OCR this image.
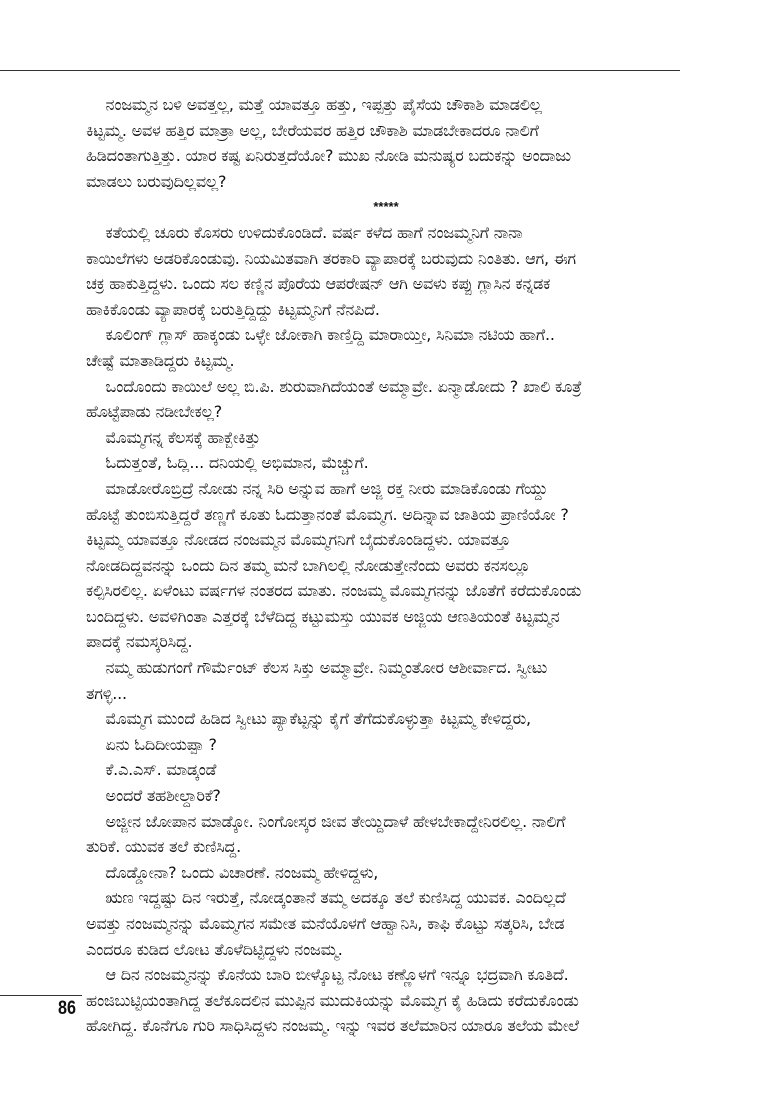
ನಂಜಮ್ಮನ ಬಳಿ ಅವತ್ತಲ್ಲ, ಮತ್ತೆ ಯಾವತ್ತೂ ಹತ್ತು, ಇಪ್ಪತ್ತು ಪೈಸೆಯ ಚೌಕಾಶಿ ಮಾಡಲಿಲ್ಲ
ಕಿಟ್ಟಮ್ಮ. ಅವಳ ಹತ್ತಿರ ಮಾತ್ರಾ ಅಲ್ಲ, ಬೇರೆಯವರ ಹತ್ತಿರ ಚೌಕಾಶಿ ಮಾಡಬೇಕಾದರೂ ನಾಲಿಗೆ
ಹಿಡಿದಂತಾಗುತ್ತಿತ್ತು. ಯಾರ ಕಷ್ಟ ಏನಿರುತ್ತದೆಯೋ? ಮುಖ ನೋಡಿ ಮನುಷ್ಯರ ಬದುಕನ್ನು ಅಂದಾಜು
ಮಾಡಲು ಬರುವುದಿಲ್ಲವಲ್ಲ?
*****
ಕತೆಯಲ್ಲಿ ಚೂರು ಕೊಸರು ಉಳಿದುಕೊಂಡಿದೆ. ವರ್ಷ ಕಳೆದ ಹಾಗೆ ನಂಜಮ್ಮನಿಗೆ ನಾನಾ
ಕಾಯಿಲೆಗಳು ಅಡರಿಕೊಂಡುವು. ನಿಯಮಿತವಾಗಿ ತರಕಾರಿ ವ್ಯಾಪಾರಕ್ಕೆ ಬರುವುದು ನಿಂತಿತು. ಆಗ, ಈಗ
ಚಕ್ರ ಹಾಕುತ್ತಿದ್ದಳು. ಒಂದು ಸಲ ಕಣ್ಣಿನ ಪೊರೆಯ ಆಪರೇಷನ್ ಆಗಿ ಅವಳು ಕಪ್ಪು ಗ್ಲಾಸಿನ ಕನ್ನಡಕ
ಹಾಕಿಕೊಂಡು ವ್ಯಾಪಾರಕ್ಕೆ ಬರುತ್ತಿದ್ದಿದ್ದು ಕಿಟ್ಟಮ್ಮನಿಗೆ ನೆನಪಿದೆ.
ಕೂಲಿಂಗ್ ಗ್ಲಾಸ್ ಹಾಕ್ಕಂಡು ಒಳ್ಳೇ ಜೋಕಾಗಿ ಕಾಣ್ತಿದ್ದಿ ಮಾರಾಯ್ತೀ, ಸಿನಿಮಾ ನಟಿಯ ಹಾಗೆ..
ಚೇಷ್ಟೆ ಮಾತಾಡಿದ್ದರು ಕಿಟ್ಟಮ್ಮ.
ಒಂದೊಂದು ಕಾಯಿಲೆ ಅಲ್ಲ ಬಿ.ಪಿ. ಶುರುವಾಗಿದೆಯಂತೆ ಅಮ್ಮಾವ್ರೇ. ಏನ್ಮಾಡೋದು ? ಖಾಲಿ ಕೂತ್ರೆ
ಹೊಟ್ಟೆಪಾಡು ನಡೀಬೇಕಲ್ಲ?
ಮೊಮ್ಮಗನ್ನ ಕೆಲಸಕ್ಕೆ ಹಾಕ್ಬೇಕಿತ್ತು
ಓದುತ್ತಂತೆ, ಓದ್ಲಿ... ದನಿಯಲ್ಲಿ ಅಭಿಮಾನ, ಮೆಚ್ಚುಗೆ.
ಮಾಡೋರೊಬ್ರಿದ್ರೆ ನೋಡು ನನ್ನ ಸಿರಿ ಅನ್ನುವ ಹಾಗೆ ಅಜ್ಜಿ ರಕ್ತ ನೀರು ಮಾಡಿಕೊಂಡು ಗೆಯ್ದು
ಹೊಟ್ಟೆ ತುಂಬಿಸುತ್ತಿದ್ದರೆ ತಣ್ಣಗೆ ಕೂತು ಓದುತ್ತಾನಂತೆ ಮೊಮ್ಮಗ. ಅದಿನ್ನಾವ ಜಾತಿಯ ಪ್ರಾಣಿಯೋ ?
ಕಿಟ್ಟಮ್ಮ ಯಾವತ್ತೂ ನೋಡದ ನಂಜಮ್ಮನ ಮೊಮ್ಮಗನಿಗೆ ಬೈದುಕೊಂಡಿದ್ದಳು. ಯಾವತ್ತೂ
ನೋಡದಿದ್ದವನನ್ನು ಒಂದು ದಿನ ತಮ್ಮ ಮನೆ ಬಾಗಿಲಲ್ಲಿ ನೋಡುತ್ತೇನೆಂದು ಅವರು ಕನಸಲ್ಲೂ
ಕಲ್ಪಿಸಿರಲಿಲ್ಲ. ಏಳೆಂಟು ವರ್ಷಗಳ ನಂತರದ ಮಾತು. ನಂಜಮ್ಮ ಮೊಮ್ಮಗನನ್ನು ಜೊತೆಗೆ ಕರೆದುಕೊಂಡು
ಬಂದಿದ್ದಳು. ಅವಳಿಗಿಂತಾ ಎತ್ತರಕ್ಕೆ ಬೆಳೆದಿದ್ದ ಕಟ್ಟುಮಸ್ತು ಯುವಕ ಅಜ್ಜಿಯ ಆಣತಿಯಂತೆ ಕಿಟ್ಟಮ್ಮನ
ಪಾದಕ್ಕೆ ನಮಸ್ಕರಿಸಿದ್ದ.
ನಮ್ಮ ಹುಡುಗಂಗೆ ಗೌರ್ಮೆಂಟ್ ಕೆಲಸ ಸಿಕ್ತು ಅಮ್ಮಾವ್ರೇ. ನಿಮ್ಮಂತೋರ ಆಶೀರ್ವಾದ. ಸ್ವೀಟು
ತಗಳ್ಳಿ...
ಮೊಮ್ಮಗ ಮುಂದೆ ಹಿಡಿದ ಸ್ವೀಟು ಪ್ಯಾಕೆಟ್ಟನ್ನು ಕೈಗೆ ತೆಗೆದುಕೊಳ್ಳುತ್ತಾ ಕಿಟ್ಟಮ್ಮ ಕೇಳಿದ್ದರು,
ಏನು ಓದಿದೀಯಪ್ಪಾ ?
ಕೆ.ಎ.ಎಸ್. ಮಾಡ್ಕಂಡೆ
ಅಂದರೆ ತಹಶೀಲ್ದಾರಿಕೆ?
ಅಜ್ಜೀನ ಜೋಪಾನ ಮಾಡ್ಕೋ. ನಿಂಗೋಸ್ಕರ ಜೀವ ತೇಯ್ದಿದಾಳೆ ಹೇಳಬೇಕಾದ್ದೇನಿರಲಿಲ್ಲ. ನಾಲಿಗೆ
ತುರಿಕೆ. ಯುವಕ ತಲೆ ಕುಣಿಸಿದ್ದ.
ದೊಡ್ಡೋನಾ? ಒಂದು ವಿಚಾರಣೆ. ನಂಜಮ್ಮ ಹೇಳಿದ್ದಳು,
ಋಣ ಇದ್ದಷ್ಟು ದಿನ ಇರುತ್ತೆ, ನೋಡ್ಕಂತಾನೆ ತಮ್ಮ ಅದಕ್ಕೂ ತಲೆ ಕುಣಿಸಿದ್ದ ಯುವಕ. ಎಂದಿಲ್ಲದೆ
ಅವತ್ತು ನಂಜಮ್ಮನನ್ನು ಮೊಮ್ಮಗನ ಸಮೇತ ಮನೆಯೊಳಗೆ ಆಹ್ವಾನಿಸಿ, ಕಾಫಿ ಕೊಟ್ಟು ಸತ್ಕರಿಸಿ, ಬೇಡ
ಎಂದರೂ ಕುಡಿದ ಲೋಟ ತೊಳೆದಿಟ್ಟಿದ್ದಳು ನಂಜಮ್ಮ.
ಆ ದಿನ ನಂಜಮ್ಮನನ್ನು ಕೊನೆಯ ಬಾರಿ ಬೀಳ್ಕೊಟ್ಟ ನೋಟ ಕಣ್ಣೊಳಗೆ ಇನ್ನೂ ಭದ್ರವಾಗಿ ಕೂತಿದೆ.
ಹಂಜಿಬುಟ್ಟಿಯಂತಾಗಿದ್ದ ತಲೆಕೂದಲಿನ ಮುಪ್ಪಿನ ಮುದುಕಿಯನ್ನು ಮೊಮ್ಮಗ ಕೈ ಹಿಡಿದು ಕರೆದುಕೊಂಡು
ಹೋಗಿದ್ದ. ಕೊನೆಗೂ ಗುರಿ ಸಾಧಿಸಿದ್ದಳು ನಂಜಮ್ಮ. ಇನ್ನು ಇವರ ತಲೆಮಾರಿನ ಯಾರೂ ತಲೆಯ ಮೇಲೆ
86
